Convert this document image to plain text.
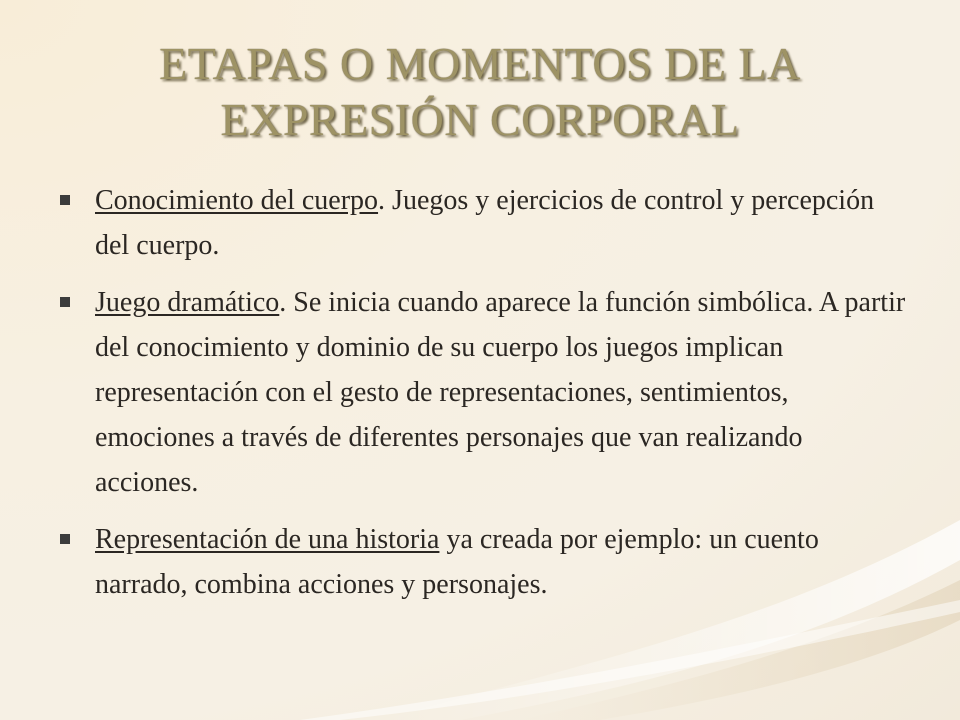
ETAPAS O MOMENTOS DE LA
EXPRESIÓN CORPORAL
Conocimiento del cuerpo. Juegos y ejercicios de control y percepción del cuerpo.
Juego dramático. Se inicia cuando aparece la función simbólica. A partir del conocimiento y dominio de su cuerpo los juegos implican representación con el gesto de representaciones, sentimientos, emociones a través de diferentes personajes que van realizando acciones.
Representación de una historia ya creada por ejemplo: un cuento narrado, combina acciones y personajes.
